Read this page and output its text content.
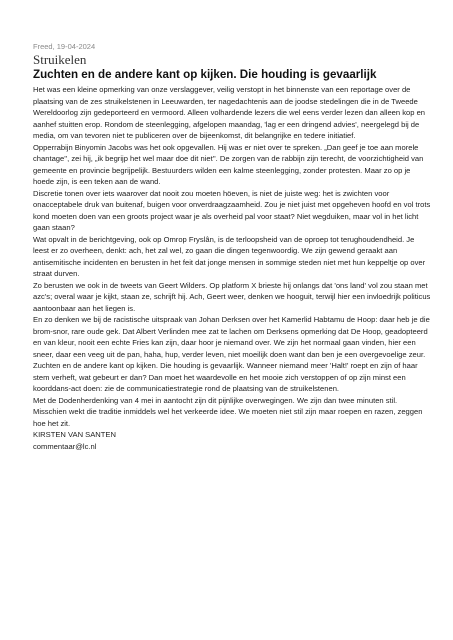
Freed, 19-04-2024
Struikelen
Zuchten en de andere kant op kijken. Die houding is gevaarlijk

Het was een kleine opmerking van onze verslaggever, veilig verstopt in het binnenste van een reportage over de plaatsing van de zes struikelstenen in Leeuwarden, ter nagedachtenis aan de joodse stedelingen die in de Tweede Wereldoorlog zijn gedeporteerd en vermoord. Alleen volhardende lezers die wel eens verder lezen dan alleen kop en aanhef stuitten erop. Rondom de steenlegging, afgelopen maandag, 'lag er een dringend advies', neergelegd bij de media, om van tevoren niet te publiceren over de bijeenkomst, dit belangrijke en tedere initiatief.

Opperrabijn Binyomin Jacobs was het ook opgevallen. Hij was er niet over te spreken. „Dan geef je toe aan morele chantage'', zei hij, „ik begrijp het wel maar doe dit niet''. De zorgen van de rabbijn zijn terecht, de voorzichtigheid van gemeente en provincie begrijpelijk. Bestuurders wilden een kalme steenlegging, zonder protesten. Maar zo op je hoede zijn, is een teken aan de wand.

Discretie tonen over iets waarover dat nooit zou moeten höeven, is niet de juiste weg: het is zwichten voor onacceptabele druk van buitenaf, buigen voor onverdraagzaamheid. Zou je niet juist met opgeheven hoofd en vol trots kond moeten doen van een groots project waar je als overheid pal voor staat? Niet wegduiken, maar vol in het licht gaan staan?

Wat opvalt in de berichtgeving, ook op Omrop Fryslân, is de terloopsheid van de oproep tot terughoudendheid. Je leest er zo overheen, denkt: ach, het zal wel, zo gaan die dingen tegenwoordig. We zijn gewend geraakt aan antisemitische incidenten en berusten in het feit dat jonge mensen in sommige steden niet met hun keppeltje op over straat durven.

Zo berusten we ook in de tweets van Geert Wilders. Op platform X brieste hij onlangs dat 'ons land' vol zou staan met azc's; overal waar je kijkt, staan ze, schrijft hij. Ach, Geert weer, denken we hooguit, terwijl hier een invloedrijk politicus aantoonbaar aan het liegen is.

En zo denken we bij de racistische uitspraak van Johan Derksen over het Kamerlid Habtamu de Hoop: daar heb je die brom-snor, rare oude gek. Dat Albert Verlinden mee zat te lachen om Derksens opmerking dat De Hoop, geadopteerd en van kleur, nooit een echte Fries kan zijn, daar hoor je niemand over. We zijn het normaal gaan vinden, hier een sneer, daar een veeg uit de pan, haha, hup, verder leven, niet moeilijk doen want dan ben je een overgevoelige zeur.

Zuchten en de andere kant op kijken. Die houding is gevaarlijk. Wanneer niemand meer 'Halt!' roept en zijn of haar stem verheft, wat gebeurt er dan? Dan moet het waardevolle en het mooie zich verstoppen of op zijn minst een koorddans-act doen: zie de communicatiestrategie rond de plaatsing van de struikelstenen.

Met de Dodenherdenking van 4 mei in aantocht zijn dit pijnlijke overwegingen. We zijn dan twee minuten stil. Misschien wekt die traditie inmiddels wel het verkeerde idee. We moeten niet stil zijn maar roepen en razen, zeggen hoe het zit.

KIRSTEN VAN SANTEN

commentaar@lc.nl
